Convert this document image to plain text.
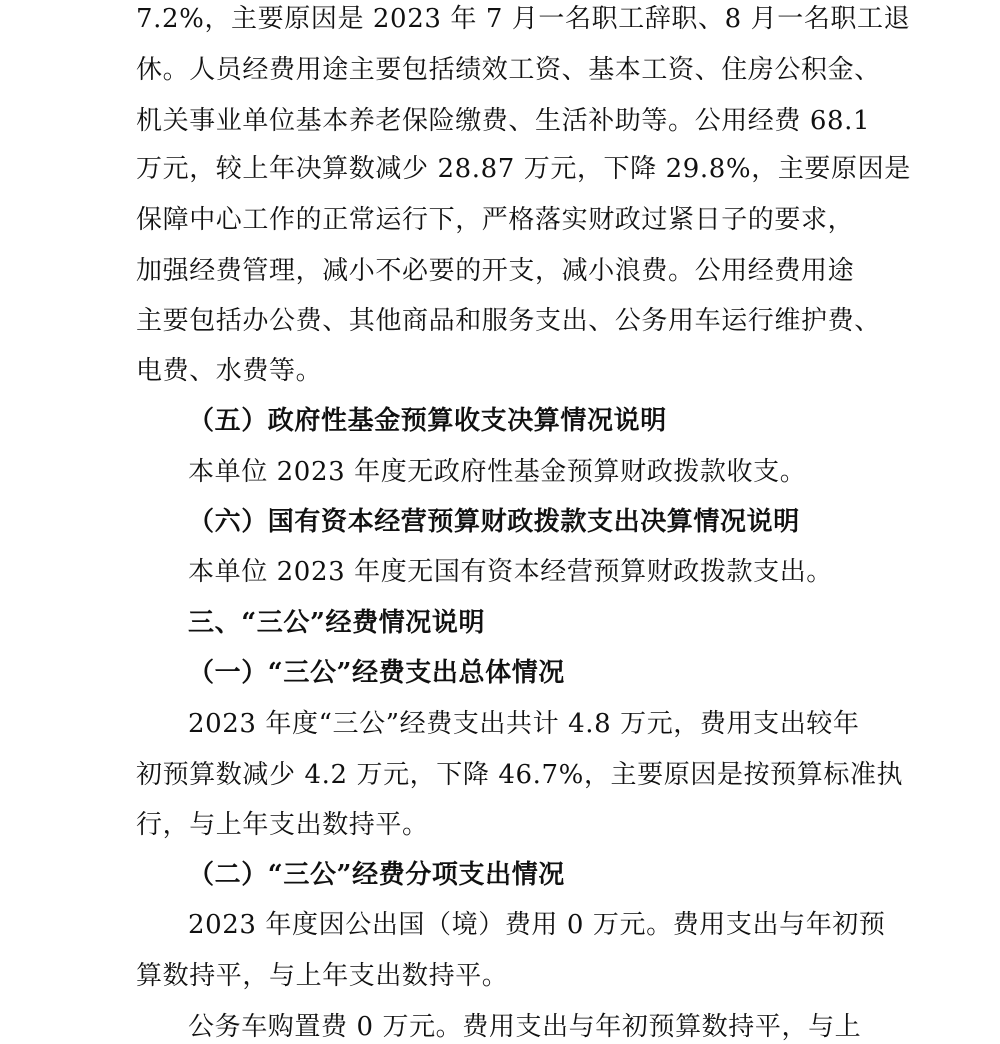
7.2%，主要原因是 2023 年 7 月一名职工辞职、8 月一名职工退
休。人员经费用途主要包括绩效工资、基本工资、住房公积金、
机关事业单位基本养老保险缴费、生活补助等。公用经费 68.1
万元，较上年决算数减少 28.87 万元，下降 29.8%，主要原因是
保障中心工作的正常运行下，严格落实财政过紧日子的要求，
加强经费管理，减小不必要的开支，减小浪费。公用经费用途
主要包括办公费、其他商品和服务支出、公务用车运行维护费、
电费、水费等。
（五）政府性基金预算收支决算情况说明
本单位 2023 年度无政府性基金预算财政拨款收支。
（六）国有资本经营预算财政拨款支出决算情况说明
本单位 2023 年度无国有资本经营预算财政拨款支出。
三、“三公”经费情况说明
（一）“三公”经费支出总体情况
2023 年度“三公”经费支出共计 4.8 万元，费用支出较年
初预算数减少 4.2 万元，下降 46.7%，主要原因是按预算标准执
行，与上年支出数持平。
（二）“三公”经费分项支出情况
2023 年度因公出国（境）费用 0 万元。费用支出与年初预
算数持平，与上年支出数持平。
公务车购置费 0 万元。费用支出与年初预算数持平，与上
